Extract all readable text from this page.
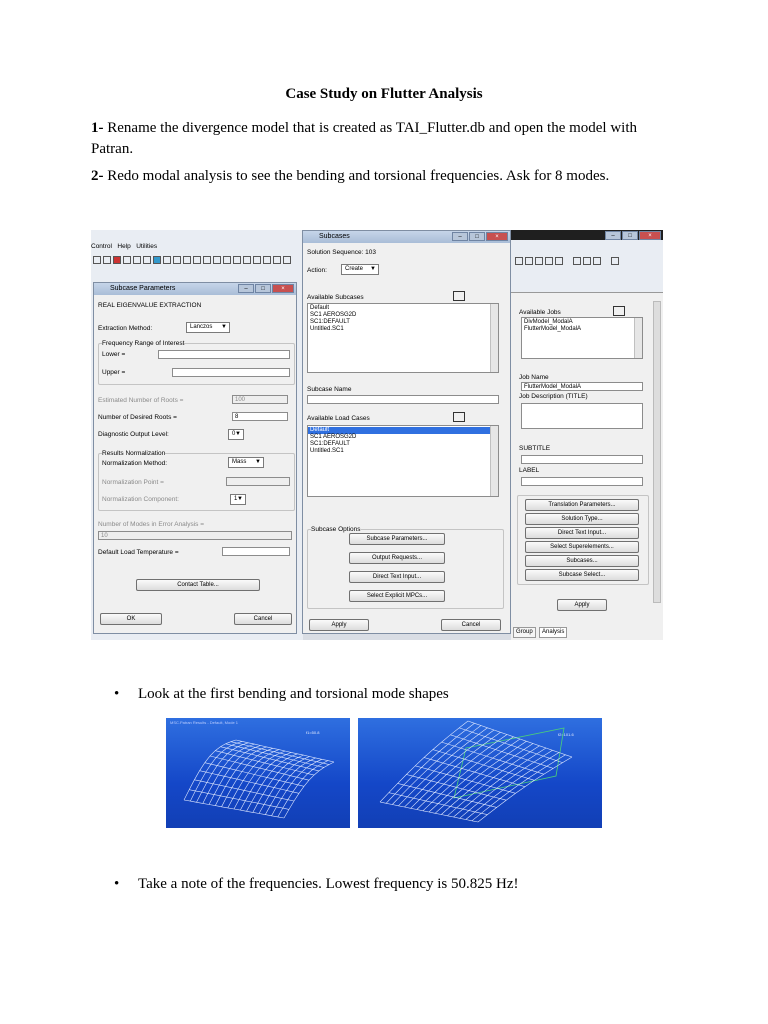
Case Study on Flutter Analysis
1- Rename the divergence model that is created as TAI_Flutter.db and open the model with Patran.
2- Redo modal analysis to see the bending and torsional frequencies. Ask for 8 modes.
Control Help Utilities
Subcase Parameters	–	□	×
REAL EIGENVALUE EXTRACTION
Extraction Method:	Lanczos ▼
Frequency Range of Interest
Lower =
Upper =
Estimated Number of Roots =	100
Number of Desired Roots =	8
Diagnostic Output Level:	0 ▼
Results Normalization
Normalization Method:	Mass ▼
Normalization Point =
Normalization Component:	1 ▼
Number of Modes in Error Analysis =
10
Default Load Temperature =
Contact Table...
OK	Cancel
Subcases	–	□	×
Solution Sequence: 103
Action:	Create ▼
Available Subcases
Default
SC1 AEROSG2D
SC1:DEFAULT
Untitled.SC1
Subcase Name
Available Load Cases
Default
SC1 AEROSG2D
SC1:DEFAULT
Untitled.SC1
Subcase Options
Subcase Parameters...
Output Requests...
Direct Text Input...
Select Explicit MPCs...
Apply	Cancel
–	□	×
Available Jobs
DivModel_ModalA
FlutterModel_ModalA
Job Name
FlutterModel_ModalA
Job Description (TITLE)
SUBTITLE
LABEL
Translation Parameters...
Solution Type...
Direct Text Input...
Select Superelements...
Subcases...
Subcase Select...
Apply
Group	Analysis
• Look at the first bending and torsional mode shapes
MSC.Patran Results - Default, Mode 1
f1=50.8	f2=101.6
• Take a note of the frequencies. Lowest frequency is 50.825 Hz!
